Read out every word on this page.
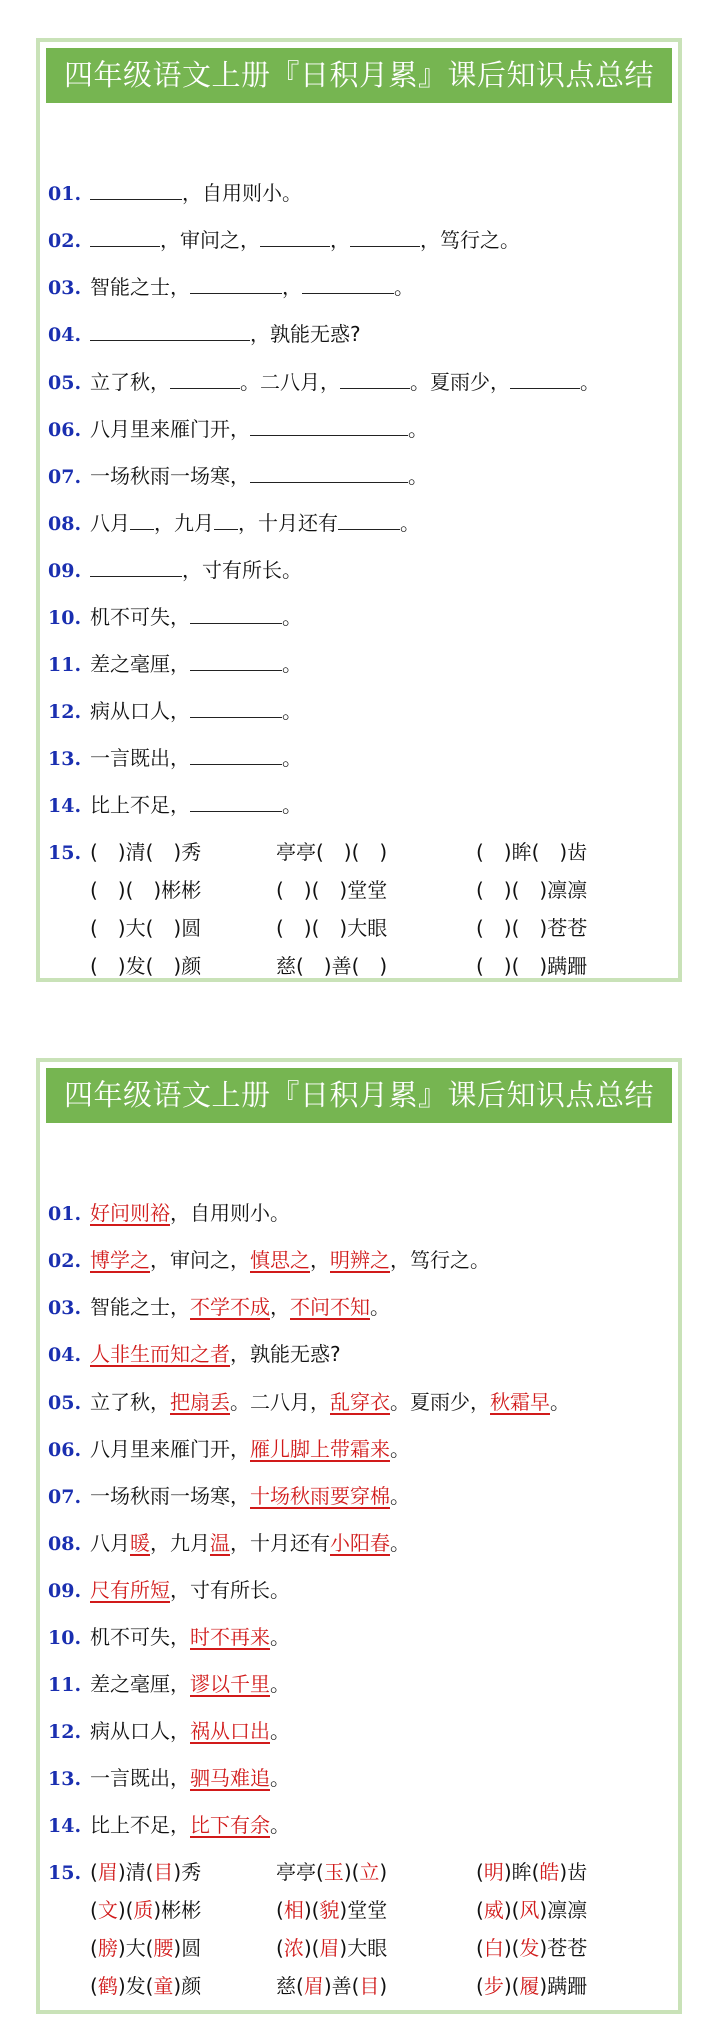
四年级语文上册『日积月累』课后知识点总结
01.	，自用则小。
02.	，审问之，	，	，笃行之。
03. 智能之士，	，	。
04.	，孰能无惑?
05. 立了秋，	。二八月，	。夏雨少，	。
06. 八月里来雁门开，	。
07. 一场秋雨一场寒，	。
08. 八月 ，九月 ，十月还有	。
09.	，寸有所长。
10. 机不可失，	。
11. 差之毫厘，	。
12. 病从口人，	。
13. 一言既出，	。
14. 比上不足，	。
15. (　)清(　)秀	亭亭(　)(　)	(　)眸(　)齿
(　)(　)彬彬	(　)(　)堂堂	(　)(　)凛凛
(　)大(　)圆	(　)(　)大眼	(　)(　)苍苍
(　)发(　)颜	慈(　)善(　)	(　)(　)蹒跚
四年级语文上册『日积月累』课后知识点总结
01. 好问则裕，自用则小。
02. 博学之，审问之，慎思之，明辨之，笃行之。
03. 智能之士，不学不成，不问不知。
04. 人非生而知之者，孰能无惑?
05. 立了秋，把扇丢。二八月，乱穿衣。夏雨少，秋霜早。
06. 八月里来雁门开，雁儿脚上带霜来。
07. 一场秋雨一场寒，十场秋雨要穿棉。
08. 八月暖，九月温，十月还有小阳春。
09. 尺有所短，寸有所长。
10. 机不可失，时不再来。
11. 差之毫厘，谬以千里。
12. 病从口人，祸从口出。
13. 一言既出，驷马难追。
14. 比上不足，比下有余。
15. (眉)清(目)秀	亭亭(玉)(立)	(明)眸(皓)齿
(文)(质)彬彬	(相)(貌)堂堂	(威)(风)凛凛
(膀)大(腰)圆	(浓)(眉)大眼	(白)(发)苍苍
(鹤)发(童)颜	慈(眉)善(目)	(步)(履)蹒跚
